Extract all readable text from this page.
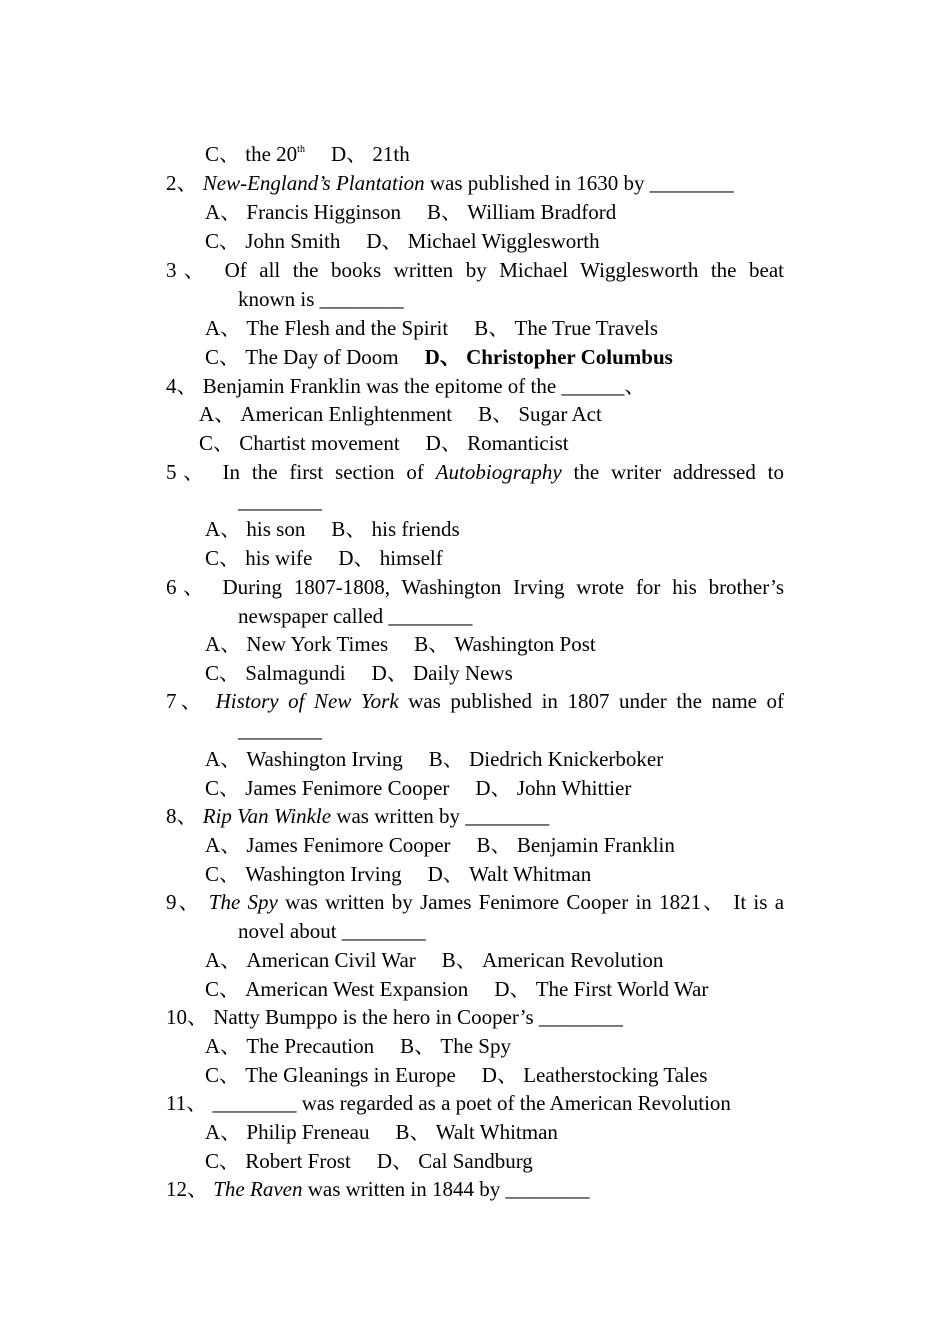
C、 the 20th D、 21th
2、 New-England’s Plantation was published in 1630 by ________
A、 Francis Higginson B、 William Bradford
C、 John Smith D、 Michael Wigglesworth
3、 Of all the books written by Michael Wigglesworth the beat
known is ________
A、 The Flesh and the Spirit B、 The True Travels
C、 The Day of Doom D、 Christopher Columbus
4、 Benjamin Franklin was the epitome of the ______、
A、 American Enlightenment B、 Sugar Act
C、 Chartist movement D、 Romanticist
5、 In the first section of Autobiography the writer addressed to
________
A、 his son B、 his friends
C、 his wife D、 himself
6、 During 1807-1808, Washington Irving wrote for his brother’s
newspaper called ________
A、 New York Times B、 Washington Post
C、 Salmagundi D、 Daily News
7、 History of New York was published in 1807 under the name of
________
A、 Washington Irving B、 Diedrich Knickerboker
C、 James Fenimore Cooper D、 John Whittier
8、 Rip Van Winkle was written by ________
A、 James Fenimore Cooper B、 Benjamin Franklin
C、 Washington Irving D、 Walt Whitman
9、 The Spy was written by James Fenimore Cooper in 1821、 It is a
novel about ________
A、 American Civil War B、 American Revolution
C、 American West Expansion D、 The First World War
10、 Natty Bumppo is the hero in Cooper’s ________
A、 The Precaution B、 The Spy
C、 The Gleanings in Europe D、 Leatherstocking Tales
11、 ________ was regarded as a poet of the American Revolution
A、 Philip Freneau B、 Walt Whitman
C、 Robert Frost D、 Cal Sandburg
12、 The Raven was written in 1844 by ________
